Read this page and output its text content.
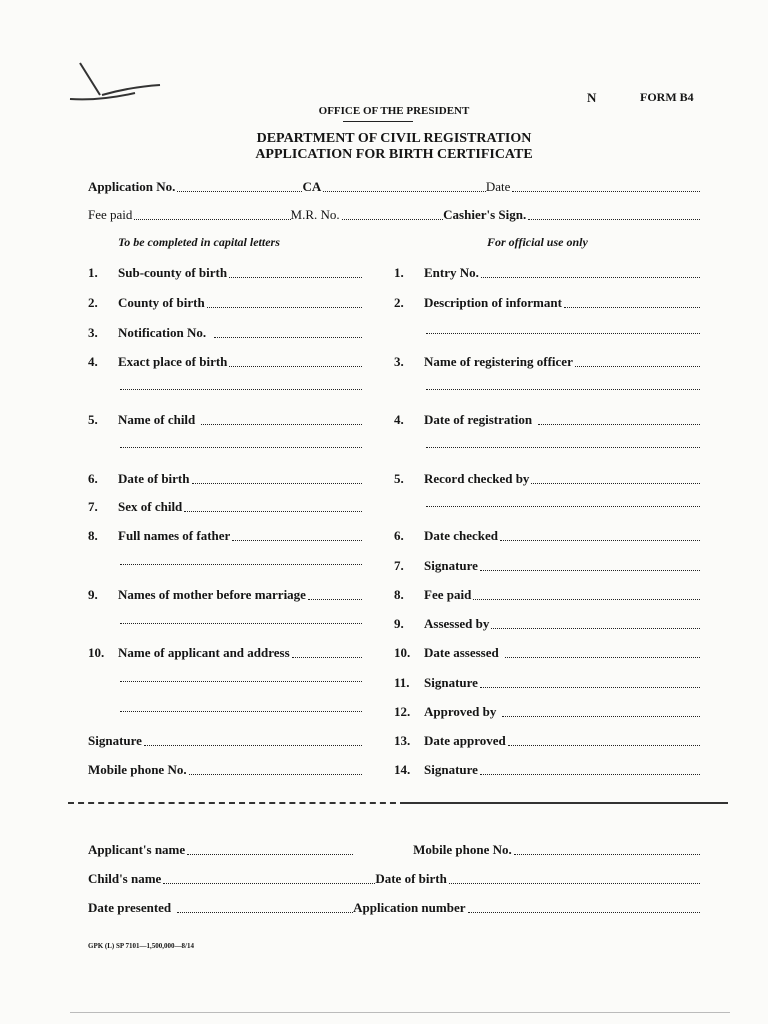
N	FORM B4
OFFICE OF THE PRESIDENT
DEPARTMENT OF CIVIL REGISTRATION
APPLICATION FOR BIRTH CERTIFICATE
Application No.	CA	Date
Fee paid	M.R. No.	Cashier's Sign.
To be completed in capital letters	For official use only
1.	Sub-county of birth
2.	County of birth
3.	Notification No.
4.	Exact place of birth
5.	Name of child
6.	Date of birth
7.	Sex of child
8.	Full names of father
9.	Names of mother before marriage
10.	Name of applicant and address
Signature
Mobile phone No.
1.	Entry No.
2.	Description of informant
3.	Name of registering officer
4.	Date of registration
5.	Record checked by
6.	Date checked
7.	Signature
8.	Fee paid
9.	Assessed by
10.	Date assessed
11.	Signature
12.	Approved by
13.	Date approved
14.	Signature
Applicant's name	Mobile phone No.
Child's name	Date of birth
Date presented	Application number
GPK (L) SP 7101—1,500,000—8/14
